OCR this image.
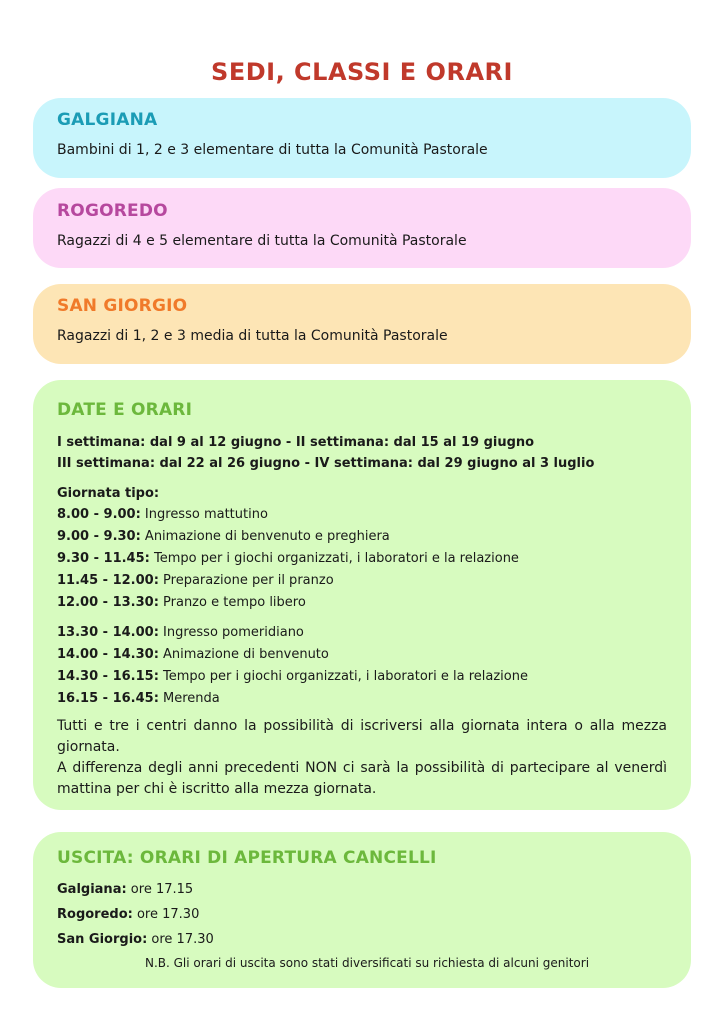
SEDI, CLASSI E ORARI
GALGIANA
Bambini di 1, 2 e 3 elementare di tutta la Comunità Pastorale
ROGOREDO
Ragazzi di 4 e 5 elementare di tutta la Comunità Pastorale
SAN GIORGIO
Ragazzi di 1, 2 e 3 media di tutta la Comunità Pastorale
DATE E ORARI
I settimana: dal 9 al 12 giugno - II settimana: dal 15 al 19 giugno
III settimana: dal 22 al 26 giugno - IV settimana: dal 29 giugno al 3 luglio
Giornata tipo:
8.00 - 9.00: Ingresso mattutino
9.00 - 9.30: Animazione di benvenuto e preghiera
9.30 - 11.45: Tempo per i giochi organizzati, i laboratori e la relazione
11.45 - 12.00: Preparazione per il pranzo
12.00 - 13.30: Pranzo e tempo libero
13.30 - 14.00: Ingresso pomeridiano
14.00 - 14.30: Animazione di benvenuto
14.30 - 16.15: Tempo per i giochi organizzati, i laboratori e la relazione
16.15 - 16.45: Merenda
Tutti e tre i centri danno la possibilità di iscriversi alla giornata intera o alla mezza giornata.
A differenza degli anni precedenti NON ci sarà la possibilità di partecipare al venerdì mattina per chi è iscritto alla mezza giornata.
USCITA: ORARI DI APERTURA CANCELLI
Galgiana: ore 17.15
Rogoredo: ore 17.30
San Giorgio: ore 17.30
N.B. Gli orari di uscita sono stati diversificati su richiesta di alcuni genitori
